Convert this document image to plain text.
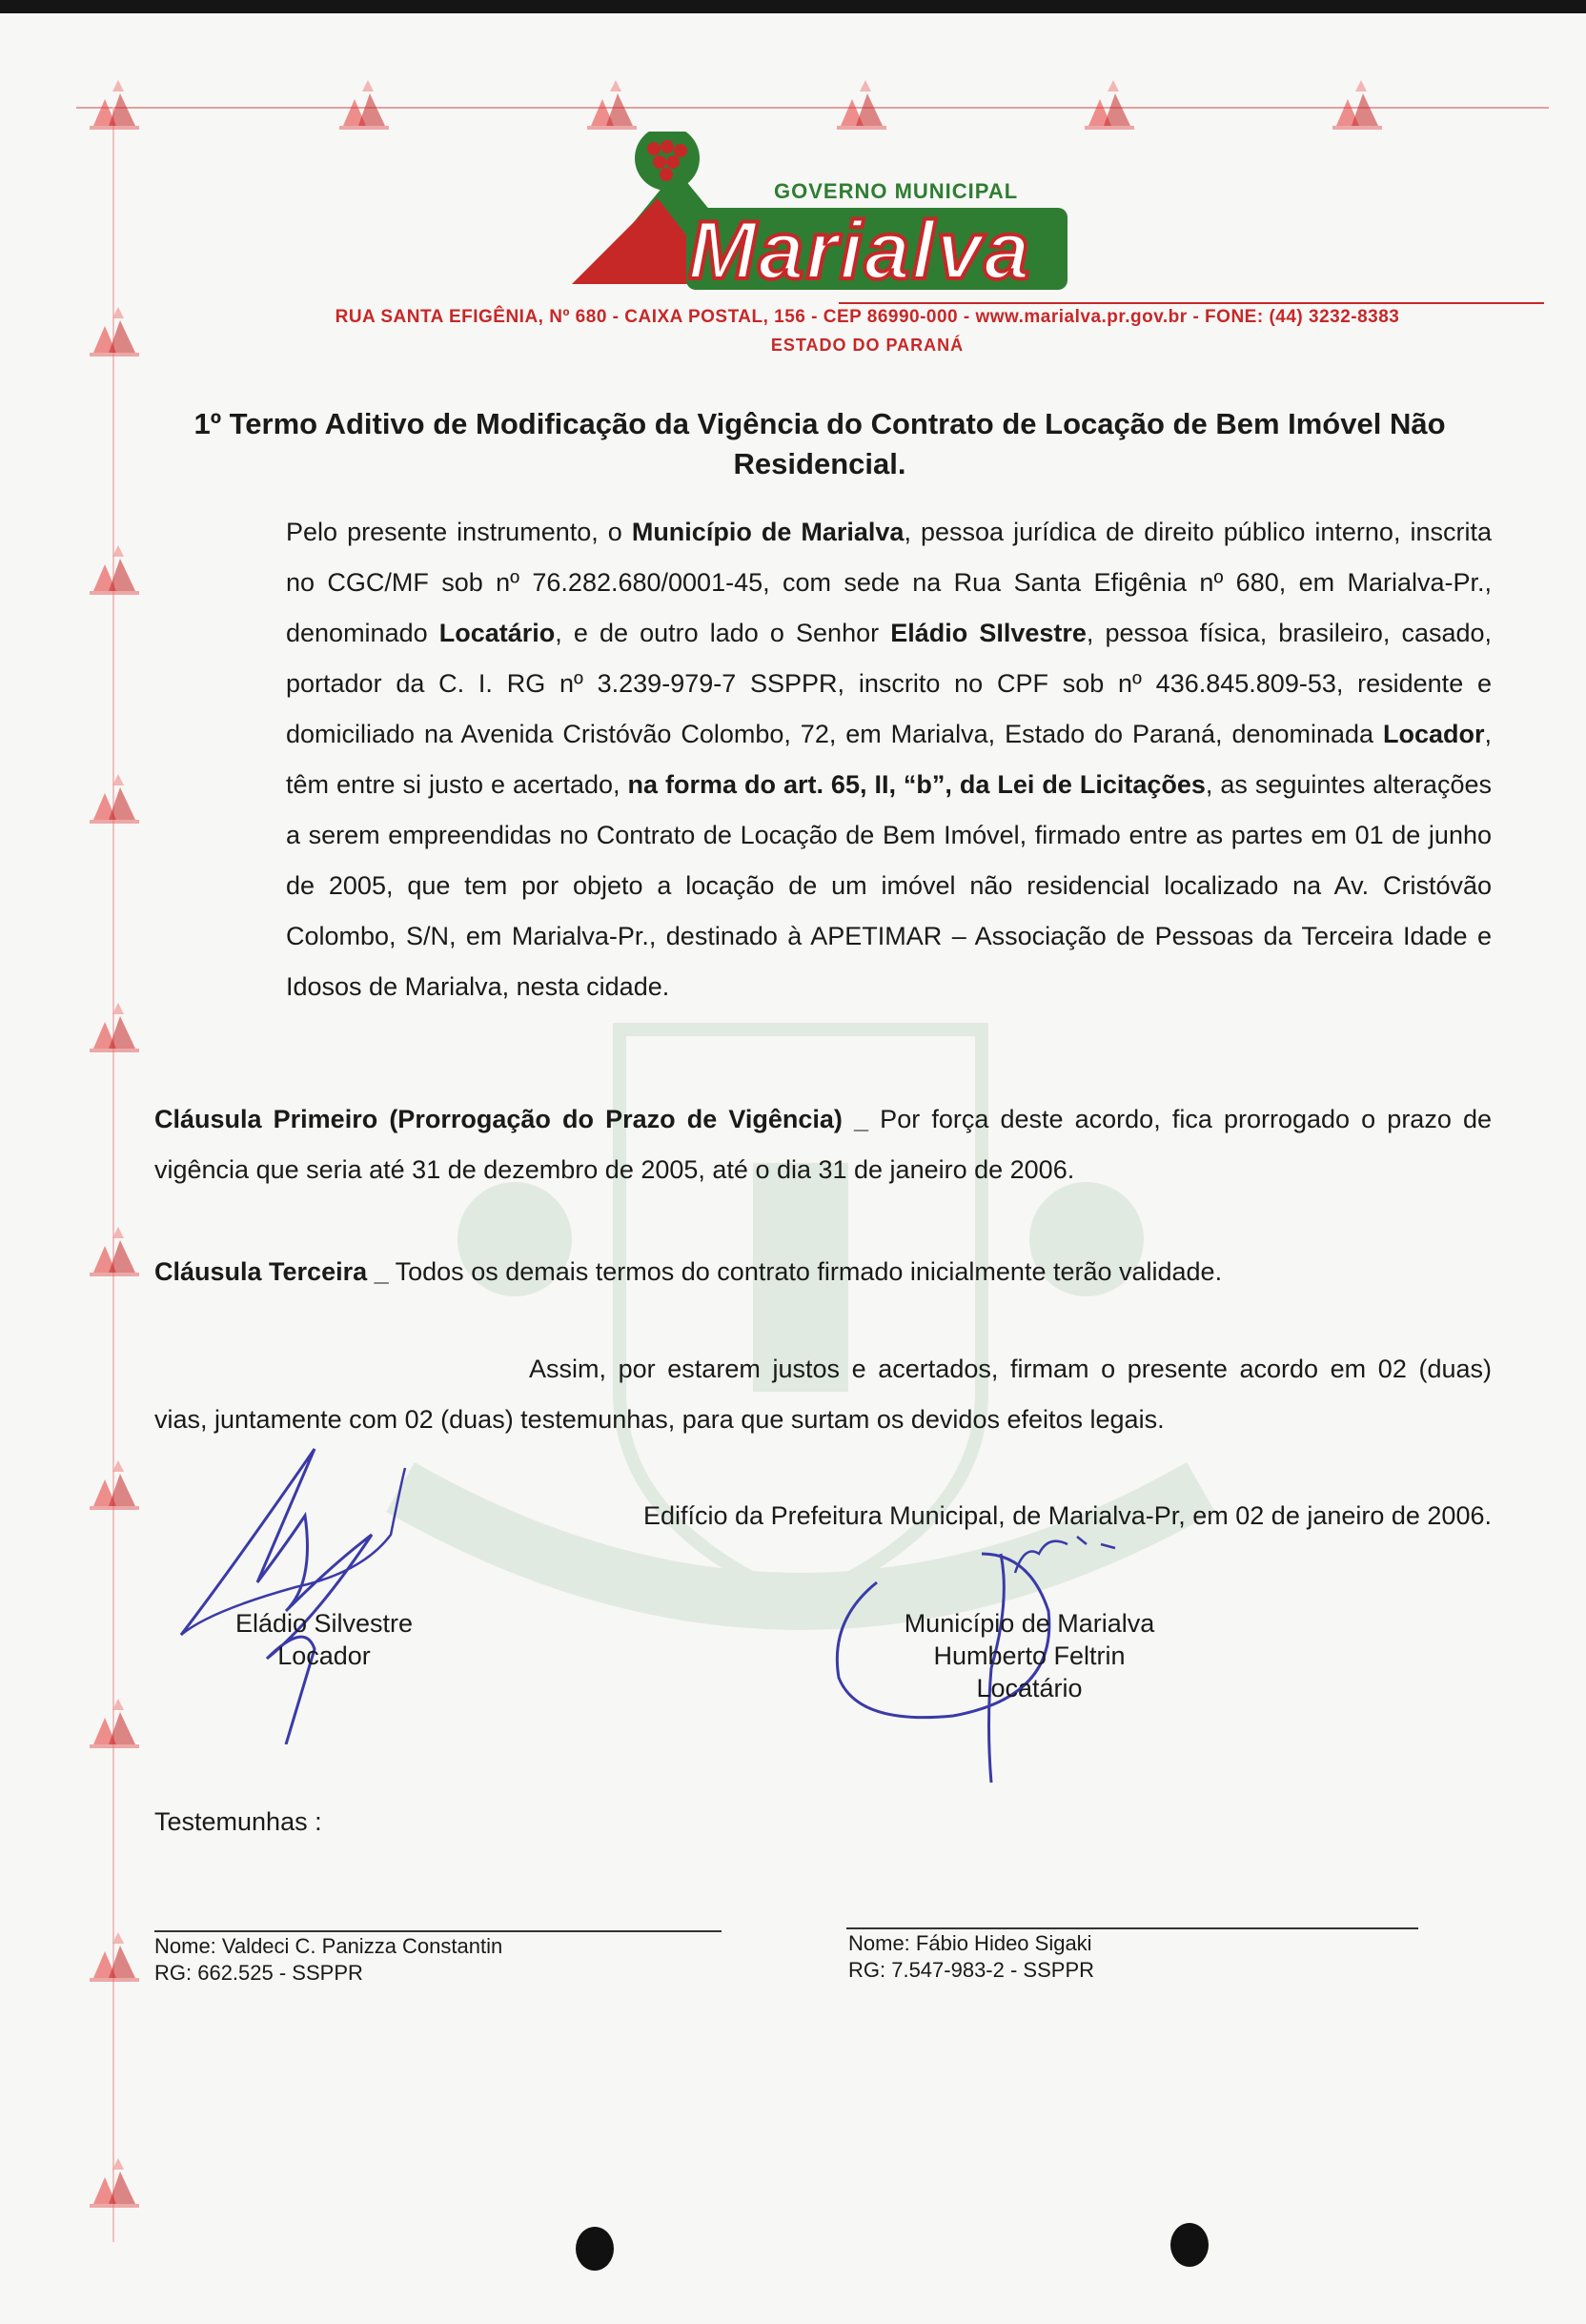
GOVERNO MUNICIPAL
Marialva
RUA SANTA EFIGÊNIA, Nº 680 - CAIXA POSTAL, 156 - CEP 86990-000 - www.marialva.pr.gov.br - FONE: (44) 3232-8383
ESTADO DO PARANÁ
1º Termo Aditivo de Modificação da Vigência do Contrato de Locação de Bem Imóvel Não Residencial.
Pelo presente instrumento, o Município de Marialva, pessoa jurídica de direito público interno, inscrita no CGC/MF sob nº 76.282.680/0001-45, com sede na Rua Santa Efigênia nº 680, em Marialva-Pr., denominado Locatário, e de outro lado o Senhor Eládio SIlvestre, pessoa física, brasileiro, casado, portador da C. I. RG nº 3.239-979-7 SSPPR, inscrito no CPF sob nº 436.845.809-53, residente e domiciliado na Avenida Cristóvão Colombo, 72, em Marialva, Estado do Paraná, denominada Locador, têm entre si justo e acertado, na forma do art. 65, II, “b”, da Lei de Licitações, as seguintes alterações a serem empreendidas no Contrato de Locação de Bem Imóvel, firmado entre as partes em 01 de junho de 2005, que tem por objeto a locação de um imóvel não residencial localizado na Av. Cristóvão Colombo, S/N, em Marialva-Pr., destinado à APETIMAR – Associação de Pessoas da Terceira Idade e Idosos de Marialva, nesta cidade.
Cláusula Primeiro (Prorrogação do Prazo de Vigência) _ Por força deste acordo, fica prorrogado o prazo de vigência que seria até 31 de dezembro de 2005, até o dia 31 de janeiro de 2006.
Cláusula Terceira _ Todos os demais termos do contrato firmado inicialmente terão validade.
Assim, por estarem justos e acertados, firmam o presente acordo em 02 (duas) vias, juntamente com 02 (duas) testemunhas, para que surtam os devidos efeitos legais.
Edifício da Prefeitura Municipal, de Marialva-Pr, em 02 de janeiro de 2006.
Eládio Silvestre
Locador
Município de Marialva
Humberto Feltrin
Locatário
Testemunhas :
Nome: Valdeci C. Panizza Constantin
RG: 662.525 - SSPPR
Nome: Fábio Hideo Sigaki
RG: 7.547-983-2 - SSPPR
